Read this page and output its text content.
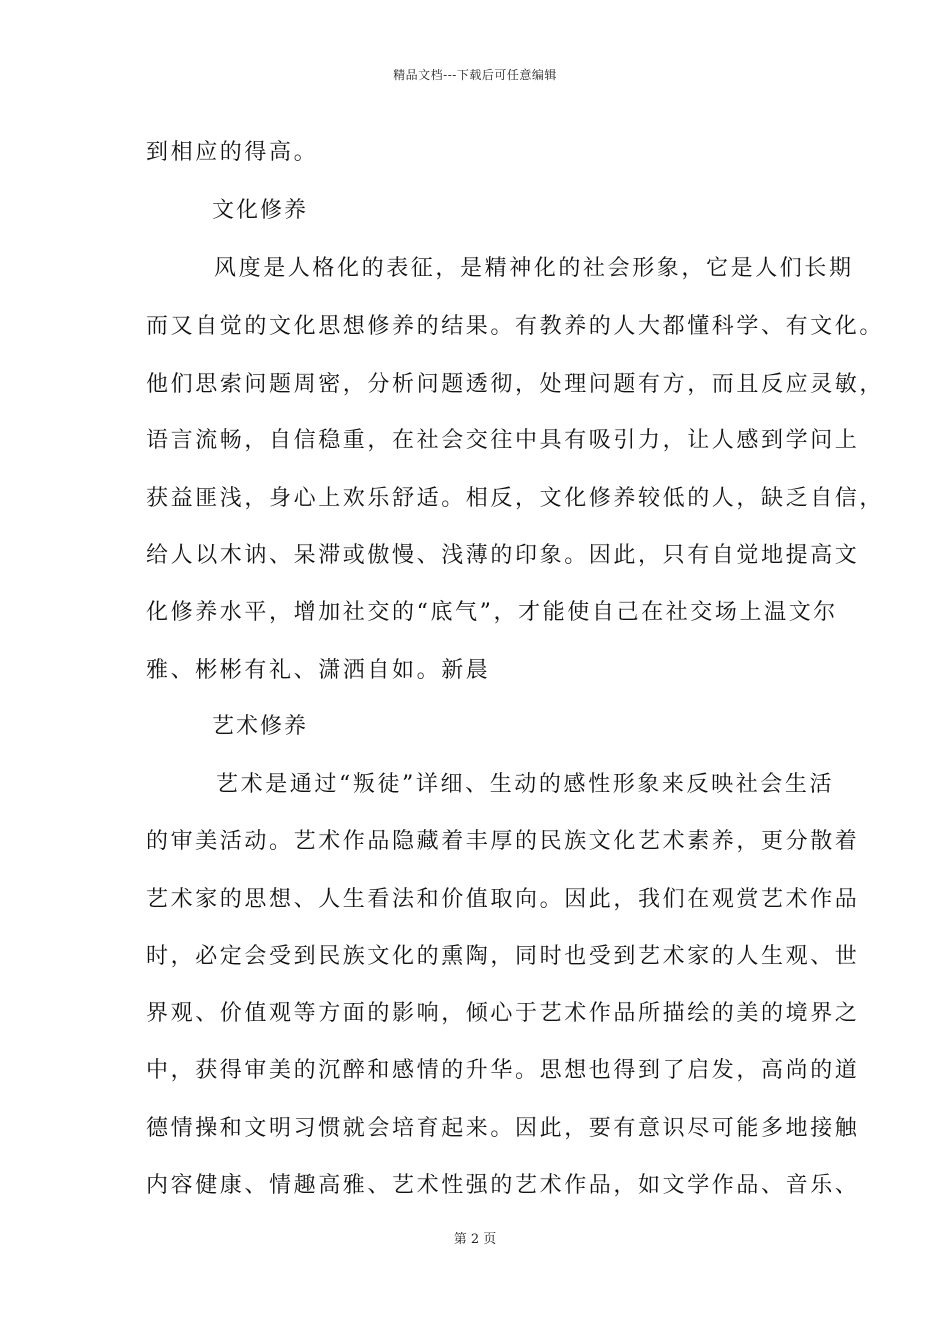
精品文档---下载后可任意编辑
到相应的得高。
文化修养
风度是人格化的表征，是精神化的社会形象，它是人们长期
而又自觉的文化思想修养的结果。有教养的人大都懂科学、有文化。
他们思索问题周密，分析问题透彻，处理问题有方，而且反应灵敏，
语言流畅，自信稳重，在社会交往中具有吸引力，让人感到学问上
获益匪浅，身心上欢乐舒适。相反，文化修养较低的人，缺乏自信，
给人以木讷、呆滞或傲慢、浅薄的印象。因此，只有自觉地提高文
化修养水平，增加社交的“底气”，才能使自己在社交场上温文尔
雅、彬彬有礼、潇洒自如。新晨
艺术修养
艺术是通过“叛徒”详细、生动的感性形象来反映社会生活
的审美活动。艺术作品隐藏着丰厚的民族文化艺术素养，更分散着
艺术家的思想、人生看法和价值取向。因此，我们在观赏艺术作品
时，必定会受到民族文化的熏陶，同时也受到艺术家的人生观、世
界观、价值观等方面的影响，倾心于艺术作品所描绘的美的境界之
中，获得审美的沉醉和感情的升华。思想也得到了启发，高尚的道
德情操和文明习惯就会培育起来。因此，要有意识尽可能多地接触
内容健康、情趣高雅、艺术性强的艺术作品，如文学作品、音乐、
第 2 页
